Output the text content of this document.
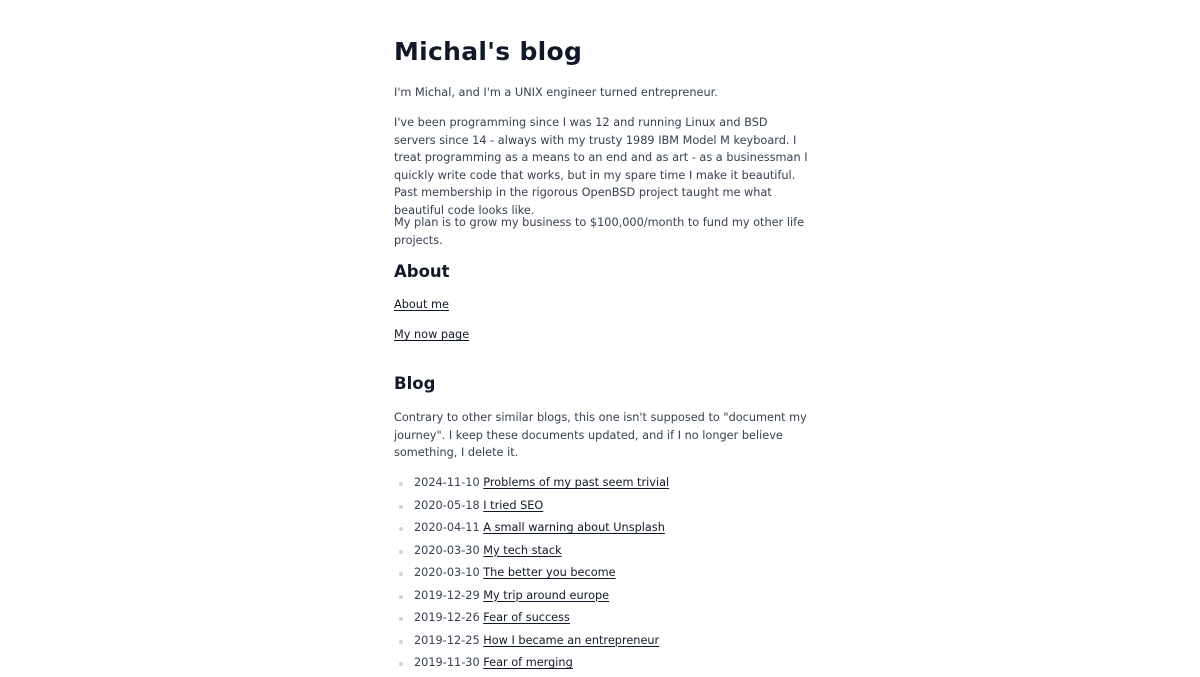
Michal's blog

I'm Michal, and I'm a UNIX engineer turned entrepreneur.

I've been programming since I was 12 and running Linux and BSD servers since 14 - always with my trusty 1989 IBM Model M keyboard. I treat programming as a means to an end and as art - as a businessman I quickly write code that works, but in my spare time I make it beautiful. Past membership in the rigorous OpenBSD project taught me what beautiful code looks like.

My plan is to grow my business to $100,000/month to fund my other life projects.

About

About me

My now page

Blog

Contrary to other similar blogs, this one isn't supposed to "document my journey". I keep these documents updated, and if I no longer believe something, I delete it.

2024-11-10 Problems of my past seem trivial
2020-05-18 I tried SEO
2020-04-11 A small warning about Unsplash
2020-03-30 My tech stack
2020-03-10 The better you become
2019-12-29 My trip around europe
2019-12-26 Fear of success
2019-12-25 How I became an entrepreneur
2019-11-30 Fear of merging
